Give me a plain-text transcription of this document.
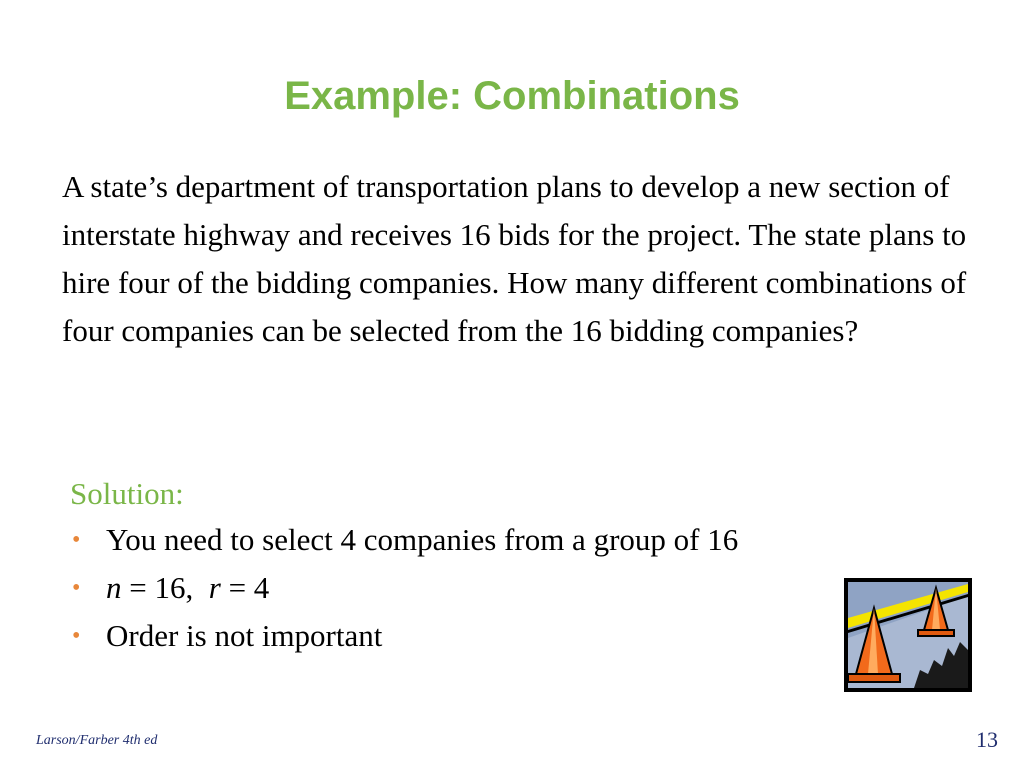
Example: Combinations

A state’s department of transportation plans to develop a new section of interstate highway and receives 16 bids for the project. The state plans to hire four of the bidding companies. How many different combinations of four companies can be selected from the 16 bidding companies?

Solution:

• You need to select 4 companies from a group of 16
• n = 16,  r = 4
• Order is not important
Larson/Farber 4th ed	13
